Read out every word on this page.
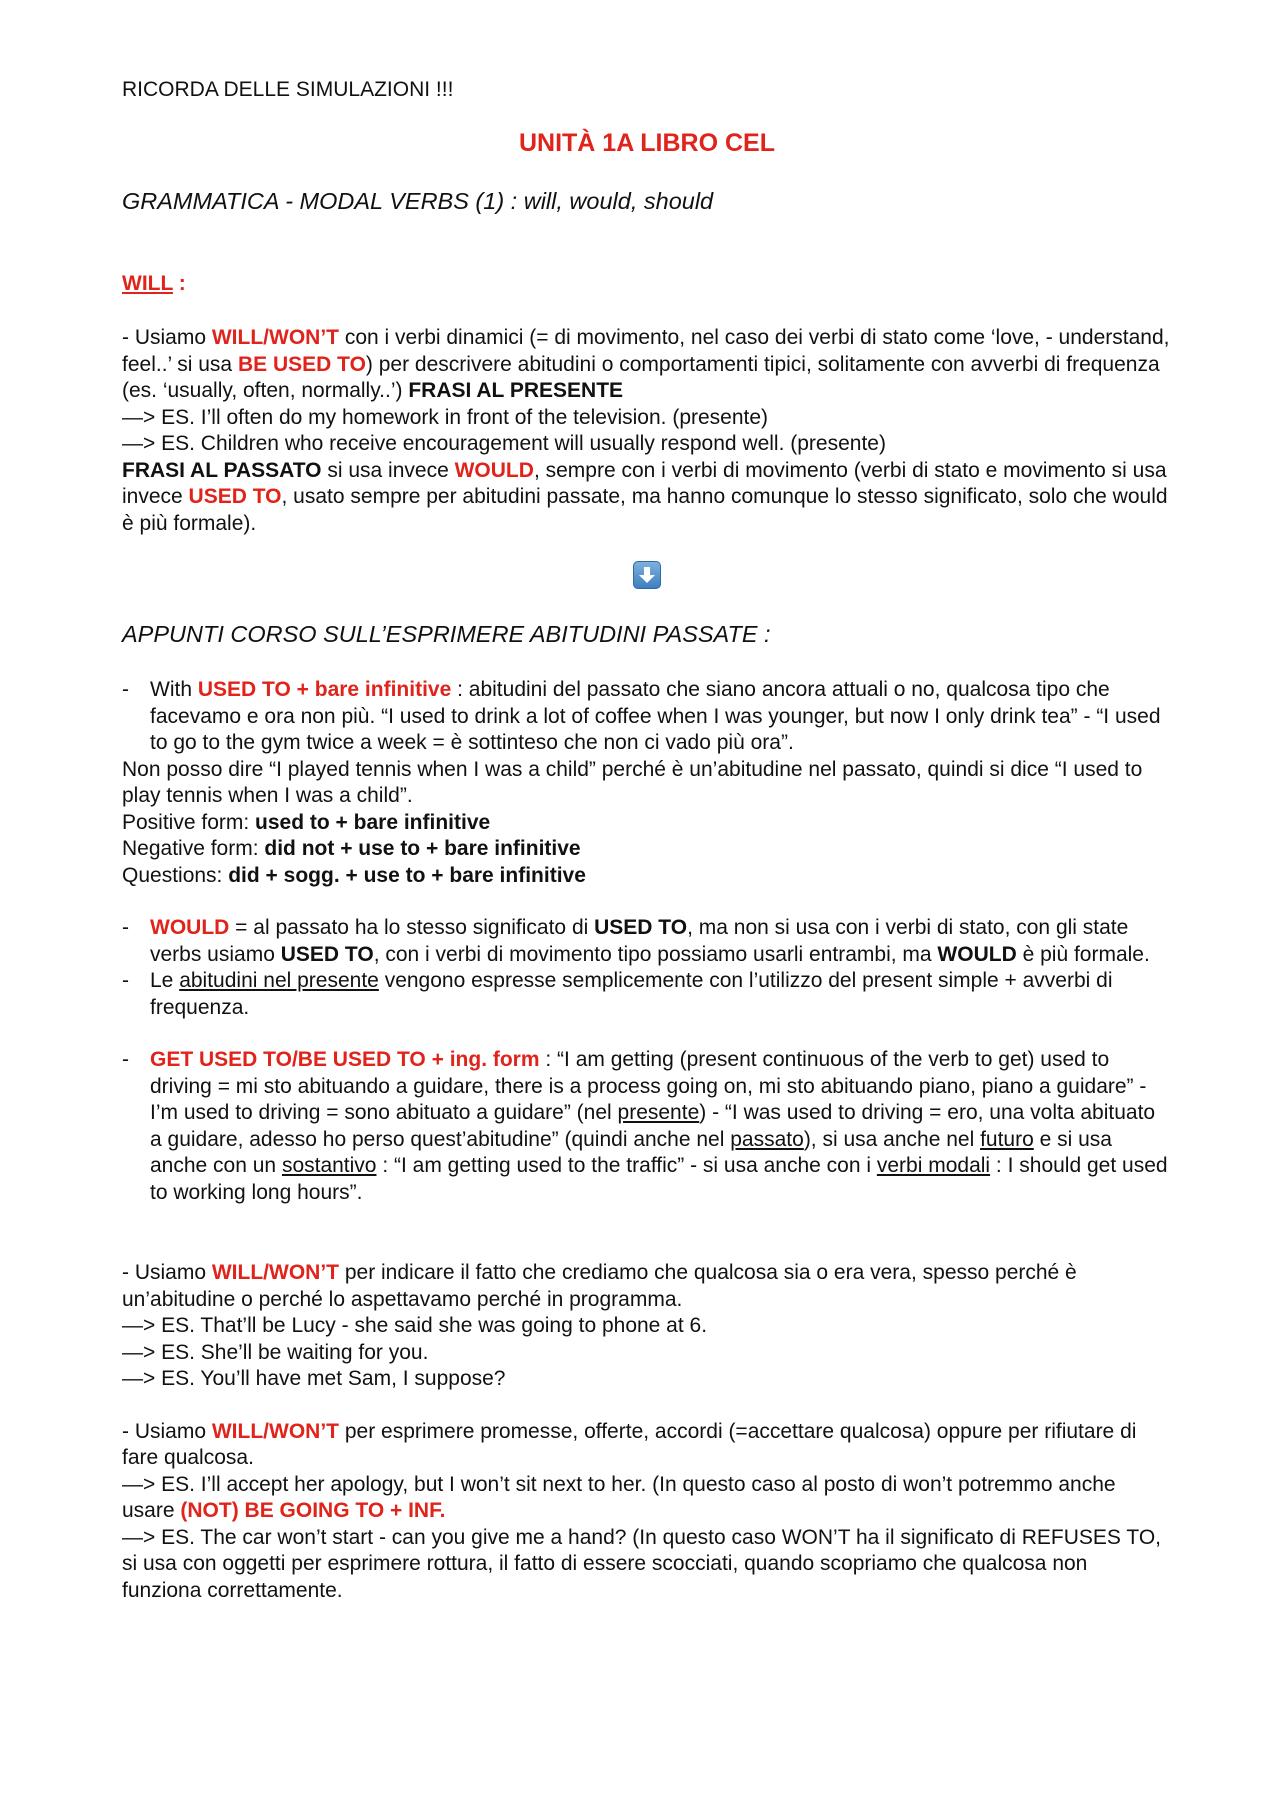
RICORDA DELLE SIMULAZIONI !!!

UNITÀ 1A LIBRO CEL
GRAMMATICA - MODAL VERBS (1) : will, would, should
WILL :

- Usiamo WILL/WON’T con i verbi dinamici (= di movimento, nel caso dei verbi di stato come ‘love, - understand, feel..’ si usa BE USED TO) per descrivere abitudini o comportamenti tipici, solitamente con avverbi di frequenza (es. ‘usually, often, normally..’) FRASI AL PRESENTE

—> ES. I’ll often do my homework in front of the television. (presente)

—> ES. Children who receive encouragement will usually respond well. (presente)

FRASI AL PASSATO si usa invece WOULD, sempre con i verbi di movimento (verbi di stato e movimento si usa invece USED TO, usato sempre per abitudini passate, ma hanno comunque lo stesso significato, solo che would è più formale).

APPUNTI CORSO SULL’ESPRIMERE ABITUDINI PASSATE :
- With USED TO + bare infinitive : abitudini del passato che siano ancora attuali o no, qualcosa tipo che facevamo e ora non più. “I used to drink a lot of coffee when I was younger, but now I only drink tea” - “I used to go to the gym twice a week = è sottinteso che non ci vado più ora”.

Non posso dire “I played tennis when I was a child” perché è un’abitudine nel passato, quindi si dice “I used to play tennis when I was a child”.

Positive form: used to + bare infinitive

Negative form: did not + use to + bare infinitive

Questions: did + sogg. + use to + bare infinitive

- WOULD = al passato ha lo stesso significato di USED TO, ma non si usa con i verbi di stato, con gli state verbs usiamo USED TO, con i verbi di movimento tipo possiamo usarli entrambi, ma WOULD è più formale.
- Le abitudini nel presente vengono espresse semplicemente con l’utilizzo del present simple + avverbi di frequenza.
- GET USED TO/BE USED TO + ing. form : “I am getting (present continuous of the verb to get) used to driving = mi sto abituando a guidare, there is a process going on, mi sto abituando piano, piano a guidare” - I’m used to driving = sono abituato a guidare” (nel presente) - “I was used to driving = ero, una volta abituato a guidare, adesso ho perso quest’abitudine” (quindi anche nel passato), si usa anche nel futuro e si usa anche con un sostantivo : “I am getting used to the traffic” - si usa anche con i verbi modali : I should get used to working long hours”.

- Usiamo WILL/WON’T per indicare il fatto che crediamo che qualcosa sia o era vera, spesso perché è un’abitudine o perché lo aspettavamo perché in programma.

—> ES. That’ll be Lucy - she said she was going to phone at 6.

—> ES. She’ll be waiting for you.

—> ES. You’ll have met Sam, I suppose?

- Usiamo WILL/WON’T per esprimere promesse, offerte, accordi (=accettare qualcosa) oppure per rifiutare di fare qualcosa.

—> ES. I’ll accept her apology, but I won’t sit next to her. (In questo caso al posto di won’t potremmo anche usare (NOT) BE GOING TO + INF.

—> ES. The car won’t start - can you give me a hand? (In questo caso WON’T ha il significato di REFUSES TO, si usa con oggetti per esprimere rottura, il fatto di essere scocciati, quando scopriamo che qualcosa non funziona correttamente.
